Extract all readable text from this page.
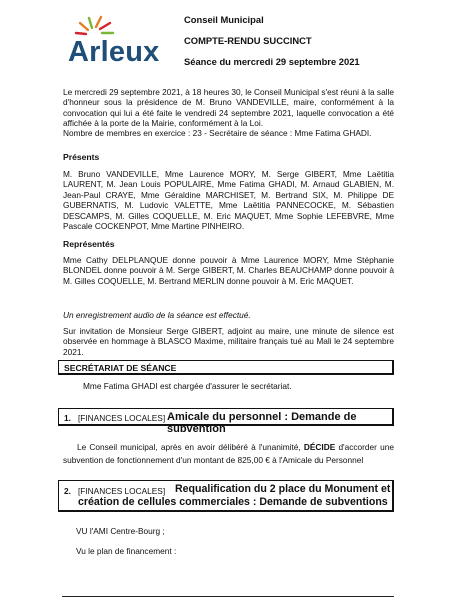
Arleux
Conseil Municipal
COMPTE-RENDU SUCCINCT
Séance du mercredi 29 septembre 2021
Le mercredi 29 septembre 2021, à 18 heures 30, le Conseil Municipal s'est réuni à la salle d'honneur sous la présidence de M. Bruno VANDEVILLE, maire, conformément à la convocation qui lui a été faite le vendredi 24 septembre 2021, laquelle convocation a été affichée à la porte de la Mairie, conformément à la Loi.
Nombre de membres en exercice : 23 - Secrétaire de séance : Mme Fatima GHADI.
Présents
M. Bruno VANDEVILLE, Mme Laurence MORY, M. Serge GIBERT, Mme Laëtitia LAURENT, M. Jean Louis POPULAIRE, Mme Fatima GHADI, M. Arnaud GLABIEN, M. Jean-Paul CRAYE, Mme Géraldine MARCHISET, M. Bertrand SIX, M. Philippe DE GUBERNATIS, M. Ludovic VALETTE, Mme Laëtitia PANNECOCKE, M. Sébastien DESCAMPS, M. Gilles COQUELLE, M. Eric MAQUET, Mme Sophie LEFEBVRE, Mme Pascale COCKENPOT, Mme Martine PINHEIRO.
Représentés
Mme Cathy DELPLANQUE donne pouvoir à Mme Laurence MORY, Mme Stéphanie BLONDEL donne pouvoir à M. Serge GIBERT, M. Charles BEAUCHAMP donne pouvoir à M. Gilles COQUELLE, M. Bertrand MERLIN donne pouvoir à M. Eric MAQUET.
Un enregistrement audio de la séance est effectué.
Sur invitation de Monsieur Serge GIBERT, adjoint au maire, une minute de silence est observée en hommage à BLASCO Maxime, militaire français tué au Mali le 24 septembre 2021.
SECRÉTARIAT DE SÉANCE
Mme Fatima GHADI est chargée d'assurer le secrétariat.
1. [FINANCES LOCALES] Amicale du personnel : Demande de subvention
Le Conseil municipal, après en avoir délibéré à l'unanimité, DÉCIDE d'accorder une subvention de fonctionnement d'un montant de 825,00 € à l'Amicale du Personnel
2. [FINANCES LOCALES] Requalification du 2 place du Monument et
création de cellules commerciales : Demande de subventions
VU l'AMI Centre-Bourg ;
Vu le plan de financement :
